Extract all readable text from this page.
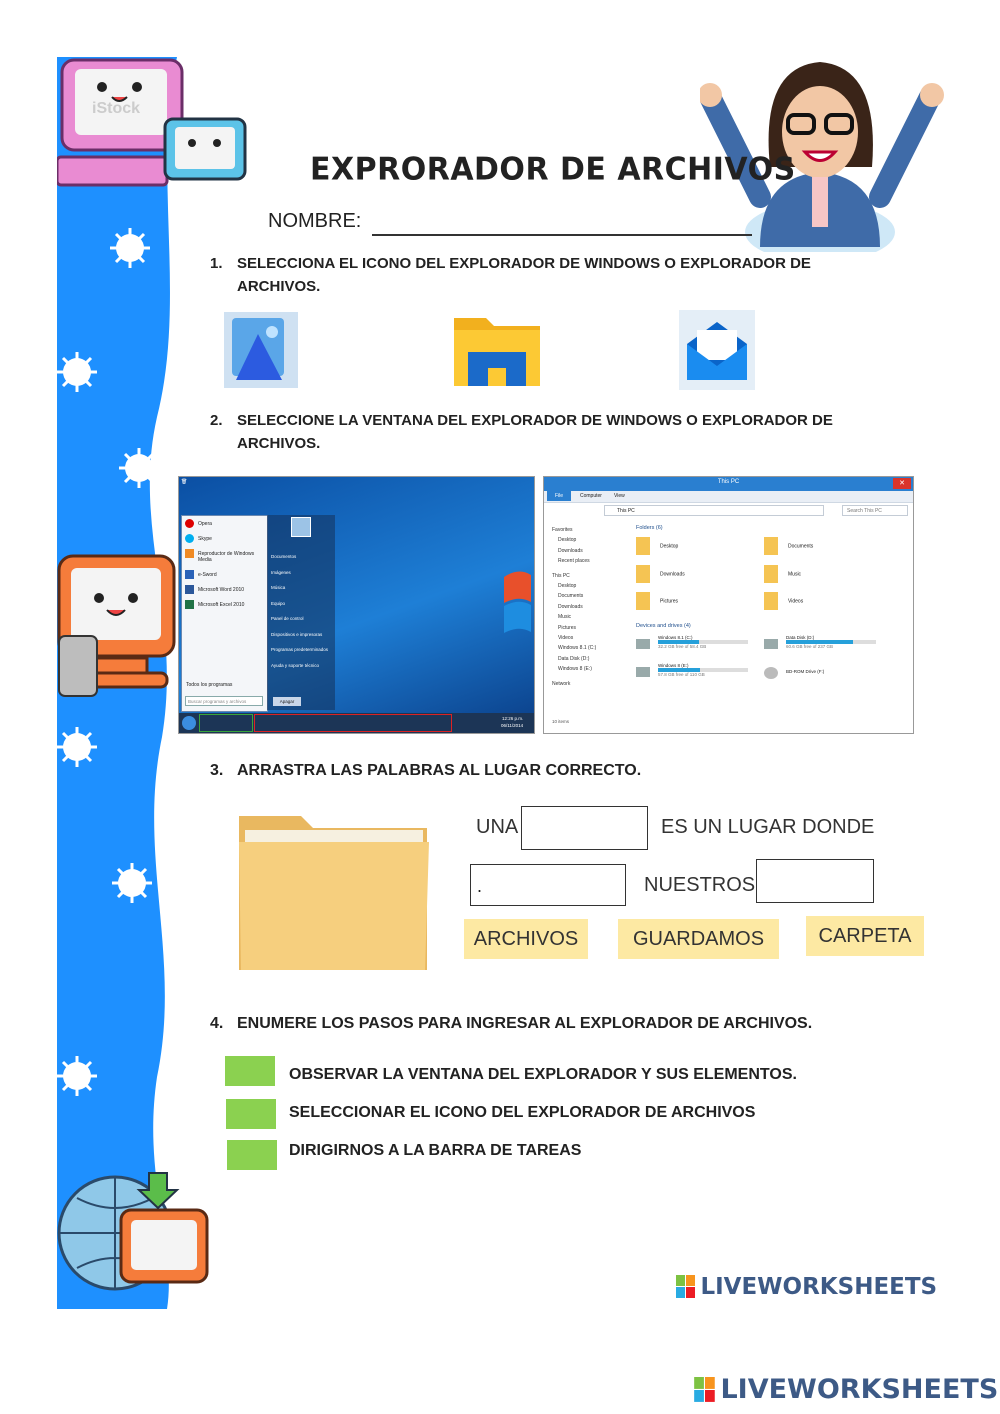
iStock
EXPRORADOR DE ARCHIVOS
NOMBRE:
1. SELECCIONA EL ICONO DEL EXPLORADOR DE WINDOWS O EXPLORADOR DE
ARCHIVOS.
2. SELECCIONE LA VENTANA DEL EXPLORADOR DE WINDOWS O EXPLORADOR DE
ARCHIVOS.
🗑
Opera
Skype
Reproductor de Windows Media
e-Sword
Microsoft Word 2010
Microsoft Excel 2010
Todos los programas
Buscar programas y archivos
Documentos
Imágenes
Música
Equipo
Panel de control
Dispositivos e impresoras
Programas predeterminados
Ayuda y soporte técnico
Apagar
12:26 p.m.
06/11/2014
This PC	✕
File	Computer View
This PC	Search This PC
Favorites
Desktop
Downloads
Recent places
This PC
Desktop
Documents
Downloads
Music
Pictures
Videos
Windows 8.1 (C:)
Data Disk (D:)
Windows 8 (E:)
Network
Folders (6)
Desktop	Documents
Downloads	Music
Pictures	Videos
Devices and drives (4)
Windows 8.1 (C:)
32.2 GB free of 58.4 GB
Data Disk (D:)
60.6 GB free of 237 GB
Windows 8 (E:)
57.8 GB free of 110 GB
BD-ROM Drive (F:)
10 items
3. ARRASTRA LAS PALABRAS AL LUGAR CORRECTO.
UNA	ES UN LUGAR DONDE
.	NUESTROS
ARCHIVOS	GUARDAMOS	CARPETA
4. ENUMERE LOS PASOS PARA INGRESAR AL EXPLORADOR DE ARCHIVOS.
OBSERVAR LA VENTANA DEL EXPLORADOR Y SUS ELEMENTOS.
SELECCIONAR EL ICONO DEL EXPLORADOR DE ARCHIVOS
DIRIGIRNOS A LA BARRA DE TAREAS
LIVEWORKSHEETS
LIVEWORKSHEETS
